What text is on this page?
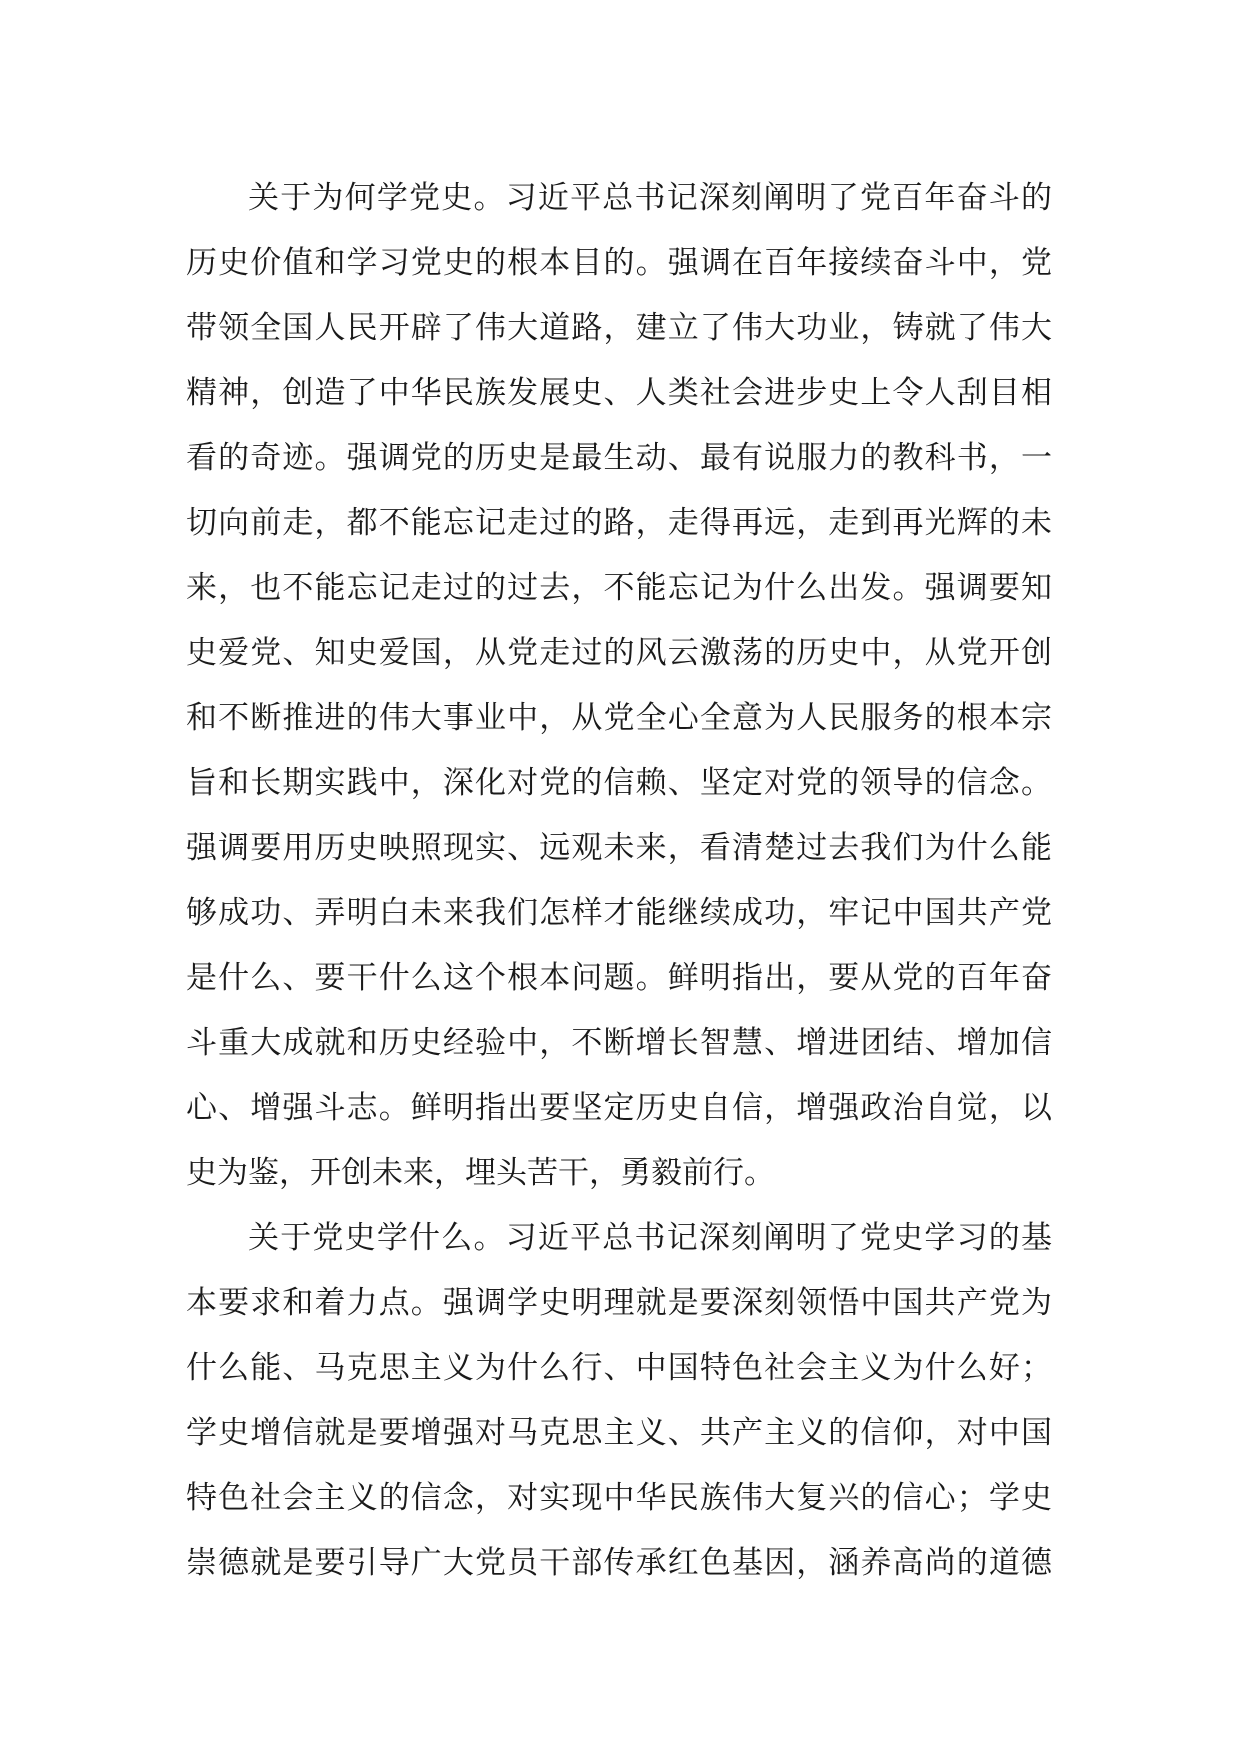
关于为何学党史。习近平总书记深刻阐明了党百年奋斗的
历史价值和学习党史的根本目的。强调在百年接续奋斗中，党
带领全国人民开辟了伟大道路，建立了伟大功业，铸就了伟大
精神，创造了中华民族发展史、人类社会进步史上令人刮目相
看的奇迹。强调党的历史是最生动、最有说服力的教科书，一
切向前走，都不能忘记走过的路，走得再远，走到再光辉的未
来，也不能忘记走过的过去，不能忘记为什么出发。强调要知
史爱党、知史爱国，从党走过的风云激荡的历史中，从党开创
和不断推进的伟大事业中，从党全心全意为人民服务的根本宗
旨和长期实践中，深化对党的信赖、坚定对党的领导的信念。
强调要用历史映照现实、远观未来，看清楚过去我们为什么能
够成功、弄明白未来我们怎样才能继续成功，牢记中国共产党
是什么、要干什么这个根本问题。鲜明指出，要从党的百年奋
斗重大成就和历史经验中，不断增长智慧、增进团结、增加信
心、增强斗志。鲜明指出要坚定历史自信，增强政治自觉，以
史为鉴，开创未来，埋头苦干，勇毅前行。
关于党史学什么。习近平总书记深刻阐明了党史学习的基
本要求和着力点。强调学史明理就是要深刻领悟中国共产党为
什么能、马克思主义为什么行、中国特色社会主义为什么好；
学史增信就是要增强对马克思主义、共产主义的信仰，对中国
特色社会主义的信念，对实现中华民族伟大复兴的信心；学史
崇德就是要引导广大党员干部传承红色基因，涵养高尚的道德
